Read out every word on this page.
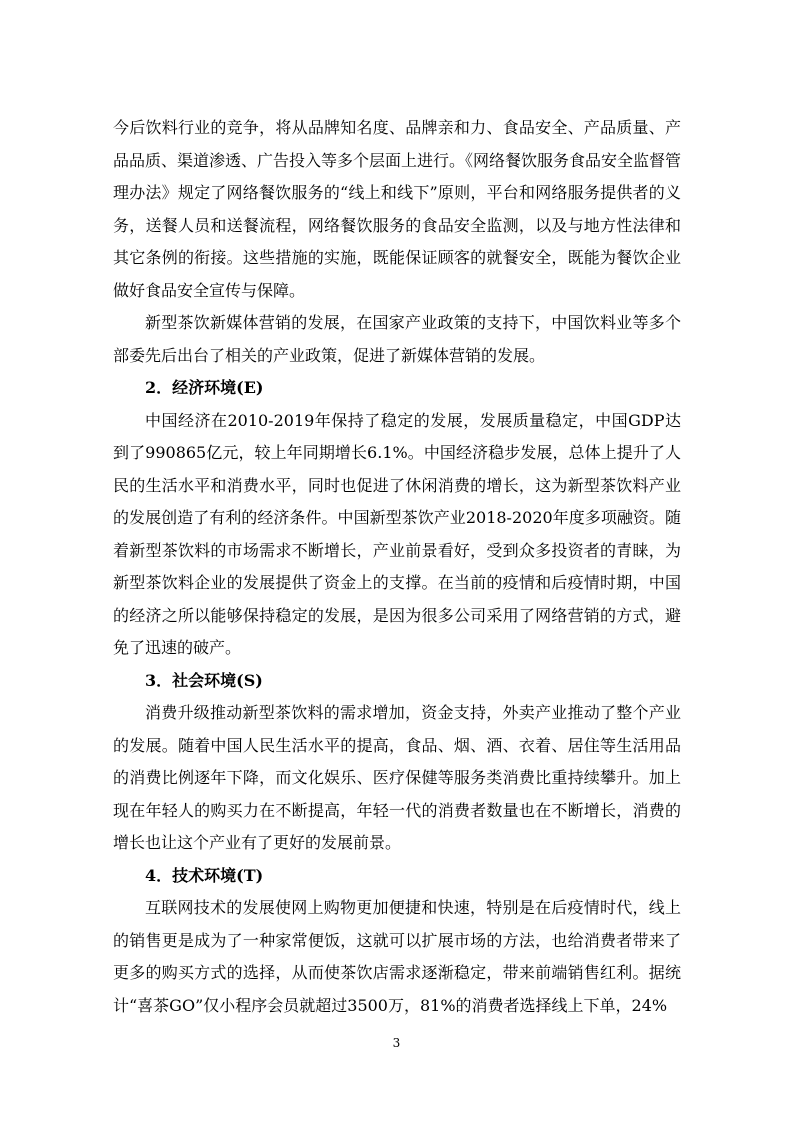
今后饮料行业的竞争，将从品牌知名度、品牌亲和力、食品安全、产品质量、产品品质、渠道渗透、广告投入等多个层面上进行。《网络餐饮服务食品安全监督管理办法》规定了网络餐饮服务的“线上和线下”原则，平台和网络服务提供者的义务，送餐人员和送餐流程，网络餐饮服务的食品安全监测，以及与地方性法律和其它条例的衔接。这些措施的实施，既能保证顾客的就餐安全，既能为餐饮企业做好食品安全宣传与保障。

新型茶饮新媒体营销的发展，在国家产业政策的支持下，中国饮料业等多个部委先后出台了相关的产业政策，促进了新媒体营销的发展。

2．经济环境(E)

中国经济在2010-2019年保持了稳定的发展，发展质量稳定，中国GDP达到了990865亿元，较上年同期增长6.1%。中国经济稳步发展，总体上提升了人民的生活水平和消费水平，同时也促进了休闲消费的增长，这为新型茶饮料产业的发展创造了有利的经济条件。中国新型茶饮产业2018-2020年度多项融资。随着新型茶饮料的市场需求不断增长，产业前景看好，受到众多投资者的青睐，为新型茶饮料企业的发展提供了资金上的支撑。在当前的疫情和后疫情时期，中国的经济之所以能够保持稳定的发展，是因为很多公司采用了网络营销的方式，避免了迅速的破产。

3．社会环境(S)

消费升级推动新型茶饮料的需求增加，资金支持，外卖产业推动了整个产业的发展。随着中国人民生活水平的提高，食品、烟、酒、衣着、居住等生活用品的消费比例逐年下降，而文化娱乐、医疗保健等服务类消费比重持续攀升。加上现在年轻人的购买力在不断提高，年轻一代的消费者数量也在不断增长，消费的增长也让这个产业有了更好的发展前景。

4．技术环境(T)

互联网技术的发展使网上购物更加便捷和快速，特别是在后疫情时代，线上的销售更是成为了一种家常便饭，这就可以扩展市场的方法，也给消费者带来了更多的购买方式的选择，从而使茶饮店需求逐渐稳定，带来前端销售红利。据统计“喜茶GO”仅小程序会员就超过3500万，81%的消费者选择线上下单，24%

3
